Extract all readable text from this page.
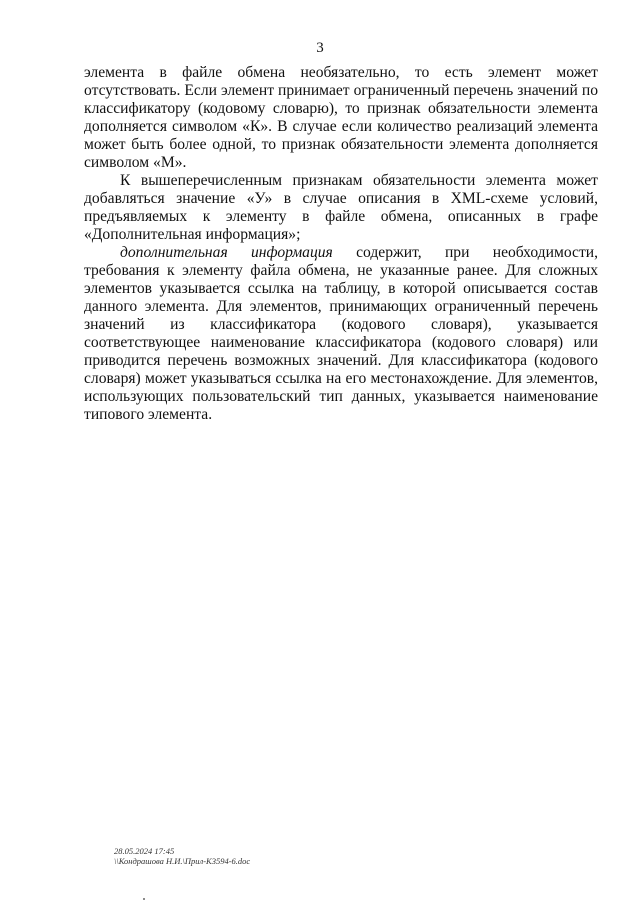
3

элемента в файле обмена необязательно, то есть элемент может отсутствовать. Если элемент принимает ограниченный перечень значений по классификатору (кодовому словарю), то признак обязательности элемента дополняется символом «К». В случае если количество реализаций элемента может быть более одной, то признак обязательности элемента дополняется символом «М».

К вышеперечисленным признакам обязательности элемента может добавляться значение «У» в случае описания в XML-схеме условий, предъявляемых к элементу в файле обмена, описанных в графе «Дополнительная информация»;

дополнительная информация содержит, при необходимости, требования к элементу файла обмена, не указанные ранее. Для сложных элементов указывается ссылка на таблицу, в которой описывается состав данного элемента. Для элементов, принимающих ограниченный перечень значений из классификатора (кодового словаря), указывается соответствующее наименование классификатора (кодового словаря) или приводится перечень возможных значений. Для классификатора (кодового словаря) может указываться ссылка на его местонахождение. Для элементов, использующих пользовательский тип данных, указывается наименование типового элемента.

28.05.2024 17:45
\\Кондрашова Н.И.\Прил-К3594-6.doc
